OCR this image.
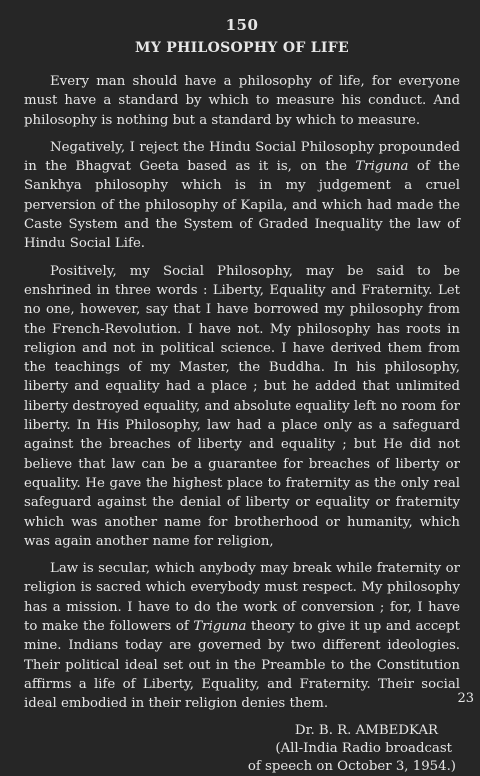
150
MY PHILOSOPHY OF LIFE

Every man should have a philosophy of life, for everyone must have a standard by which to measure his conduct. And philosophy is nothing but a standard by which to measure.

Negatively, I reject the Hindu Social Philosophy propounded in the Bhagvat Geeta based as it is, on the Triguna of the Sankhya philosophy which is in my judgement a cruel perversion of the philosophy of Kapila, and which had made the Caste System and the System of Graded Inequality the law of Hindu Social Life.

Positively, my Social Philosophy, may be said to be enshrined in three words : Liberty, Equality and Fraternity. Let no one, however, say that I have borrowed my philosophy from the French-Revolution. I have not. My philosophy has roots in religion and not in political science. I have derived them from the teachings of my Master, the Buddha. In his philosophy, liberty and equality had a place ; but he added that unlimited liberty destroyed equality, and absolute equality left no room for liberty. In His Philosophy, law had a place only as a safeguard against the breaches of liberty and equality ; but He did not believe that law can be a guarantee for breaches of liberty or equality. He gave the highest place to fraternity as the only real safeguard against the denial of liberty or equality or fraternity which was another name for brotherhood or humanity, which was again another name for religion,

Law is secular, which anybody may break while fraternity or religion is sacred which everybody must respect. My philosophy has a mission. I have to do the work of conversion ; for, I have to make the followers of Triguna theory to give it up and accept mine. Indians today are governed by two different ideologies. Their political ideal set out in the Preamble to the Constitution affirms a life of Liberty, Equality, and Fraternity. Their social ideal embodied in their religion denies them.

Dr. B. R. AMBEDKAR
(All-India Radio broadcast
of speech on October 3, 1954.)
23
